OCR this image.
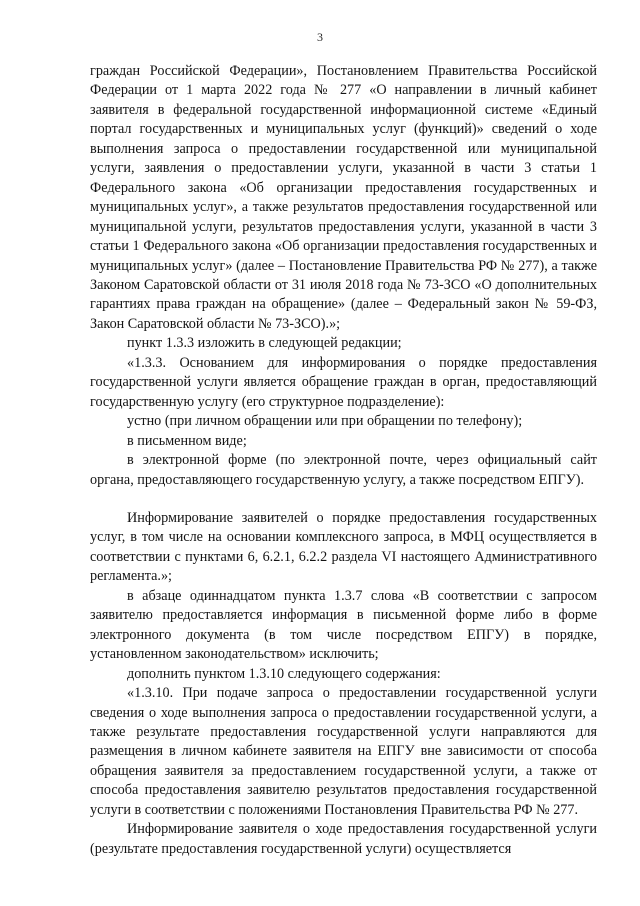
3

граждан Российской Федерации», Постановлением Правительства Российской Федерации от 1 марта 2022 года № 277 «О направлении в личный кабинет заявителя в федеральной государственной информационной системе «Единый портал государственных и муниципальных услуг (функций)» сведений о ходе выполнения запроса о предоставлении государственной или муниципальной услуги, заявления о предоставлении услуги, указанной в части 3 статьи 1 Федерального закона «Об организации предоставления государственных и муниципальных услуг», а также результатов предоставления государственной или муниципальной услуги, результатов предоставления услуги, указанной в части 3 статьи 1 Федерального закона «Об организации предоставления государственных и муниципальных услуг» (далее – Постановление Правительства РФ № 277), а также Законом Саратовской области от 31 июля 2018 года № 73-ЗСО «О дополнительных гарантиях права граждан на обращение» (далее – Федеральный закон № 59-ФЗ, Закон Саратовской области № 73-ЗСО).»;

пункт 1.3.3 изложить в следующей редакции;

«1.3.3. Основанием для информирования о порядке предоставления государственной услуги является обращение граждан в орган, предоставляющий государственную услугу (его структурное подразделение):

устно (при личном обращении или при обращении по телефону);

в письменном виде;

в электронной форме (по электронной почте, через официальный сайт органа, предоставляющего государственную услугу, а также посредством ЕПГУ).

Информирование заявителей о порядке предоставления государственных услуг, в том числе на основании комплексного запроса, в МФЦ осуществляется в соответствии с пунктами 6, 6.2.1, 6.2.2 раздела VI настоящего Административного регламента.»;

в абзаце одиннадцатом пункта 1.3.7 слова «В соответствии с запросом заявителю предоставляется информация в письменной форме либо в форме электронного документа (в том числе посредством ЕПГУ) в порядке, установленном законодательством» исключить;

дополнить пунктом 1.3.10 следующего содержания:

«1.3.10. При подаче запроса о предоставлении государственной услуги сведения о ходе выполнения запроса о предоставлении государственной услуги, а также результате предоставления государственной услуги направляются для размещения в личном кабинете заявителя на ЕПГУ вне зависимости от способа обращения заявителя за предоставлением государственной услуги, а также от способа предоставления заявителю результатов предоставления государственной услуги в соответствии с положениями Постановления Правительства РФ № 277.

Информирование заявителя о ходе предоставления государственной услуги (результате предоставления государственной услуги) осуществляется
